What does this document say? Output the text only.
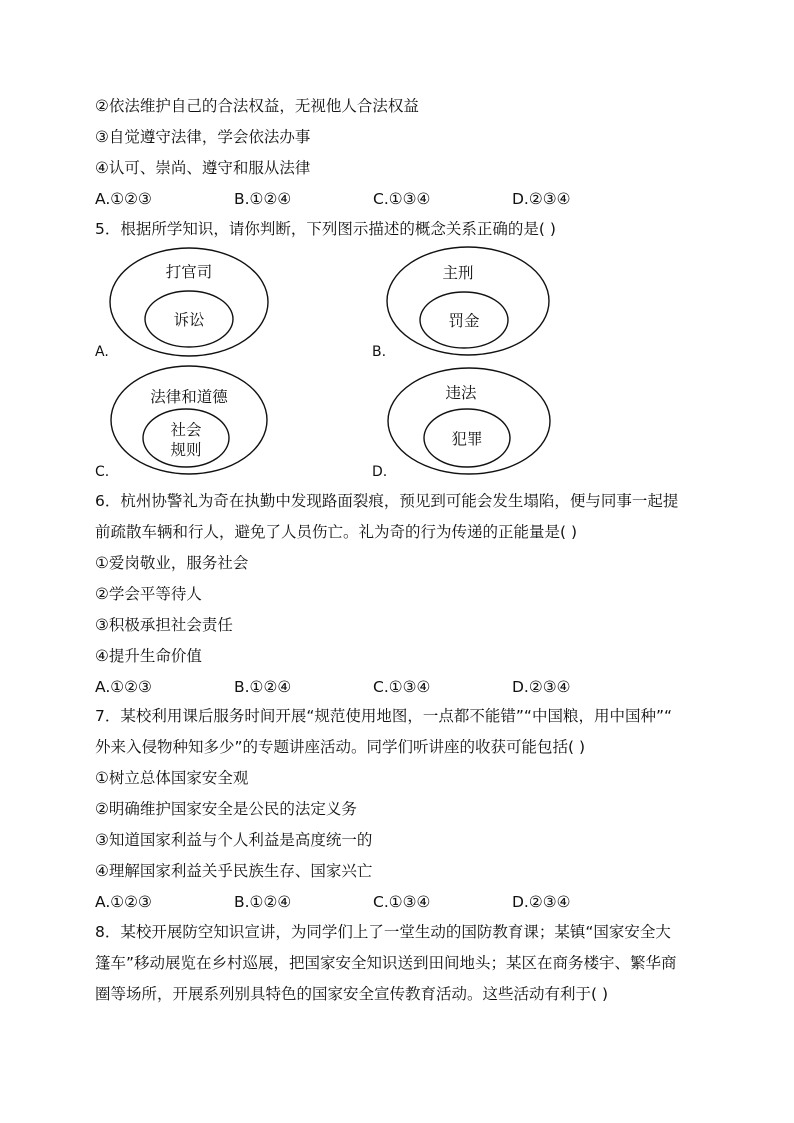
②依法维护自己的合法权益，无视他人合法权益
③自觉遵守法律，学会依法办事
④认可、崇尚、遵守和服从法律
A.①②③	B.①②④	C.①③④	D.②③④
5．根据所学知识，请你判断，下列图示描述的概念关系正确的是( )
打官司
诉讼
A.
主刑
罚金
B.
法律和道德
社会
规则
C.
违法
犯罪
D.
6．杭州协警礼为奇在执勤中发现路面裂痕，预见到可能会发生塌陷，便与同事一起提
前疏散车辆和行人，避免了人员伤亡。礼为奇的行为传递的正能量是( )
①爱岗敬业，服务社会
②学会平等待人
③积极承担社会责任
④提升生命价值
A.①②③	B.①②④	C.①③④	D.②③④
7．某校利用课后服务时间开展“规范使用地图，一点都不能错”“中国粮，用中国种”“
外来入侵物种知多少”的专题讲座活动。同学们听讲座的收获可能包括( )
①树立总体国家安全观
②明确维护国家安全是公民的法定义务
③知道国家利益与个人利益是高度统一的
④理解国家利益关乎民族生存、国家兴亡
A.①②③	B.①②④	C.①③④	D.②③④
8．某校开展防空知识宣讲，为同学们上了一堂生动的国防教育课；某镇“国家安全大
篷车”移动展览在乡村巡展，把国家安全知识送到田间地头；某区在商务楼宇、繁华商
圈等场所，开展系列别具特色的国家安全宣传教育活动。这些活动有利于( )
